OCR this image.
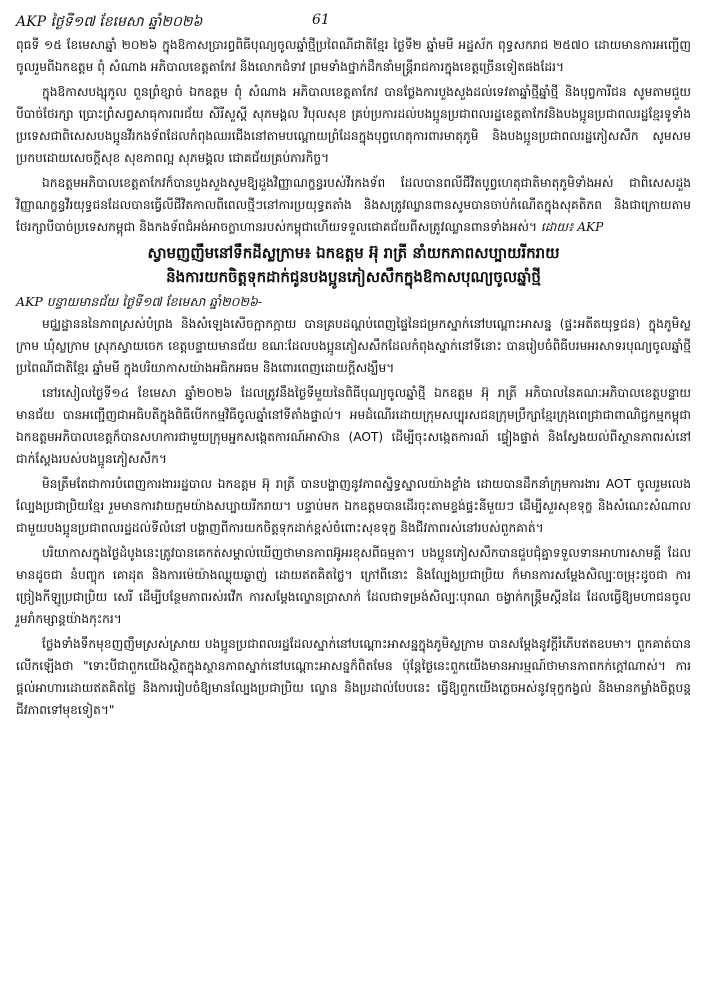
AKP ថ្ងៃទី១៧ ខែមេសា ឆ្នាំ២០២៦	61

ពុធទី ១៥ ខែមេសាឆ្នាំ ២០២៦ ក្នុងឱកាសប្រារព្ធពិធីបុណ្យចូលឆ្នាំថ្មីប្រពៃណីជាតិខ្មែរ ថ្ងៃទី២ ឆ្នាំមមី អដ្ឋស័ក ពុទ្ធសករាជ ២៥៧០ ដោយមានការអញ្ជើញចូលរួមពីឯកឧត្តម ពុំ សំណាង អភិបាលខេត្តតាកែវ និងលោកជំទាវ ព្រមទាំងថ្នាក់ដឹកនាំមន្ត្រីរាជការក្នុងខេត្តច្រើនទៀតផងដែរ។

ក្នុងឱកាសបង្សុកូល ពួនព្រំខ្សាច់ ឯកឧត្តម ពុំ សំណាង អភិបាលខេត្តតាកែវ បានថ្លែងការបួងសួងដល់ទេវតាឆ្នាំថ្មីឆ្នាំថ្មី និងបុព្វការីជន សូមតាមជួយបីបាច់ថែរក្សា ប្រោះព្រំសព្វសាធុការពរជ័យ សិរីសួស្តី សុភមង្គល វិបុលសុខ គ្រប់ប្រការដល់បងប្អូនប្រជាពលរដ្ឋខេត្តតាកែវនិងបងប្អូនប្រជាពលរដ្ឋខ្មែរទូទាំងប្រទេសជាពិសេសបងប្អូនវីរកងទ័ពដែលកំពុងឈរជើងនៅតាមបណ្តោយព្រំដែនក្នុងបុព្វហេតុការពារមាតុភូមិ និងបងប្អូនប្រជាពលរដ្ឋភៀសសឹក សូមសមប្រកបដោយសេចក្តីសុខ សុខភាពល្អ សុភមង្គល ជោគជ័យគ្រប់ភារកិច្ច។

ឯកឧត្តមអភិបាលខេត្តតាកែវក៏បានបួងសួងសូមឱ្យដួងវិញ្ញាណក្ខន្ធរបស់វីរកងទ័ព ដែលបានពលីជីវិតបូព្វហេតុជាតិមាតុភូមិទាំងអស់ ជាពិសេសដួងវិញ្ញាណក្ខន្ធវីរយុទ្ធជនដែលបានធ្វើលីជីវិតកាលពីពេលថ្មីៗនៅការប្រយុទ្ធតតាំង និងសត្រូវឈ្លានពានសូមបានចាប់កំណើតក្នុងសុគតិភព និងជាក្រោយតាមថែរក្សាបីបាច់ប្រទេសកម្ពុជា និងកងទ័ពជំអង់អាចក្លាហានរបស់កម្ពុជាហើយទទួលជោគជ័យពីសត្រូវឈ្លានពានទាំងអស់។ ដោយ៖ AKP

ស្វាមញញឹមនៅទឹកដីស្លក្រាម៖ ឯកឧត្តម អ៊ុ រាត្រី នាំយកភាពសប្បាយរីករាយ
និងការយកចិត្តទុកដាក់ជូនបងប្អូនភៀសសឹកក្នុងឱកាសបុណ្យចូលឆ្នាំថ្មី

AKP បន្ទាយមានជ័យ ថ្ងៃទី១៧ ខែមេសា ឆ្នាំ២០២៦-

មជ្ឈដ្ឋានននៃភាពស្រស់បំព្រង និងសំឡេងសើចក្អាកក្អាយ បានគ្របដណ្តប់ពេញផ្ទៃនៃជម្រកស្នាក់នៅបណ្តោះអាសន្ន (ផ្ទះអតីតយុទ្ធជន) ក្នុងភូមិស្លក្រាម ឃុំស្លក្រាម ស្រុកស្វាយចេក ខេត្តបន្ទាយមានជ័យ ខណៈដែលបងប្អូនភៀសសឹកដែលកំពុងស្នាក់នៅទីនោះ បានរៀបចំពិធីបរមអរសាទរបុណ្យចូលឆ្នាំថ្មីប្រពៃណីជាតិខ្មែរ ឆ្នាំមមី ក្នុងបរិយាកាសយ៉ាងអធិកអធម និងពោរពេញដោយក្តីសង្ឃឹម។

នៅរសៀលថ្ងៃទី១៤ ខែមេសា ឆ្នាំ២០២៦ ដែលត្រូវនឹងថ្ងៃទីមួយនៃពិធីបុណ្យចូលឆ្នាំថ្មី ឯកឧត្តម អ៊ុ រាត្រី អភិបាលនៃគណៈអភិបាលខេត្តបន្ទាយមានជ័យ បានអញ្ជើញជាអធិបតីក្នុងពិធីបើកកម្មវិធីចូលឆ្នាំនៅទីតាំងផ្ទាល់។ អមដំណើរដោយក្រុមសប្បុរសជនក្រុមប្រឹក្សាខ្មែរក្រុងពេជ្រាជាពាណិជ្ជកម្មកម្ពុជា ឯកឧត្តមអភិបាលខេត្តក៏បានសហការជាមួយក្រុមអ្នកសង្កេតការណ៍អាស៊ាន (AOT) ដើម្បីចុះសង្កេតការណ៍ ផ្ទៀងផ្ទាត់ និងស្វែងយល់ពីស្ថានភាពរស់នៅជាក់ស្តែងរបស់បងប្អូនភៀសសឹក។

មិនត្រឹមតែជាការបំពេញការងាររដ្ឋបាល ឯកឧត្តម អ៊ុ រាត្រី បានបង្ហាញនូវភាពស្និទ្ធស្នាលយ៉ាងខ្លាំង ដោយបានដឹកនាំក្រុមការងារ AOT ចូលរួមលេងល្បែងប្រជាប្រិយខ្មែរ រួមមានការវាយក្អមយ៉ាងសប្បាយរីករាយ។ បន្ទាប់មក ឯកឧត្តមបានដើរចុះតាមខ្ទង់ផ្ទះនីមួយៗ ដើម្បីសួរសុខទុក្ខ និងសំណេះសំណាលជាមួយបងប្អូនប្រជាពលរដ្ឋដល់ទីលំនៅ បង្ហាញពីការយកចិត្តទុកដាក់ខ្ពស់ចំពោះសុខទុក្ខ និងជីវភាពរស់នៅរបស់ពួកគាត់។

បរិយាកាសក្នុងថ្ងៃដំបូងនេះត្រូវបានគេកត់សម្គាល់ឃើញថាមានភាពអ៊ូអរខុសពីធម្មតា។ បងប្អូនភៀសសឹកបានជួបជុំគ្នាទទួលទានអាហារសាមគ្គី ដែលមានដូចជា នំបញ្ចុក គោដុត និងការម៉េយ៉ាងឈ្ងុយឆ្ងាញ់ ដោយឥតគិតថ្លៃ។ ក្រៅពីនោះ និងល្បែងប្រជាប្រិយ ក៏មានការសម្តែងសិល្បៈចម្រុះដូចជា ការច្រៀងកីឡូប្រជាប្រិយ សេរី ដើម្បីបន្ថែមភាពរស់រវើក ការសម្តែងល្ខោនប្រាសាក់ ដែលជាទម្រង់សិល្បៈបុរាណ ចង្វាក់កន្ត្រឹមស្តីនដៃ ដែលធ្វើឱ្យមហាជនចូលរួមរាំកម្សាន្តយ៉ាងកុះករ។

ថ្លែងទាំងទឹកមុខញញឹមស្រស់ស្រាយ បងប្អូនប្រជាពលរដ្ឋដែលស្នាក់នៅបណ្តោះអាសន្នក្នុងភូមិស្លក្រាម បានសម្តែងនូវក្តីរំភើបឥតឧបមា។ ពួកគាត់បានលើកឡើងថា "ទោះបីជាពួកយើងស្ថិតក្នុងស្ថានភាពស្នាក់នៅបណ្តោះអាសន្នក៏ពិតមែន ប៉ុន្តែថ្ងៃនេះពួកយើងមានអារម្មណ៍ថាមានភាពកក់ក្តៅណាស់។ ការផ្តល់អាហារដោយឥតគិតថ្លៃ និងការរៀបចំឱ្យមានល្បែងប្រជាប្រិយ ល្ខោន និងប្រដាល់បែបនេះ ធ្វើឱ្យពួកយើងភ្លេចអស់នូវទុក្ខកង្វល់ និងមានកម្លាំងចិត្តបន្តជីវភាពទៅមុខទៀត។"
